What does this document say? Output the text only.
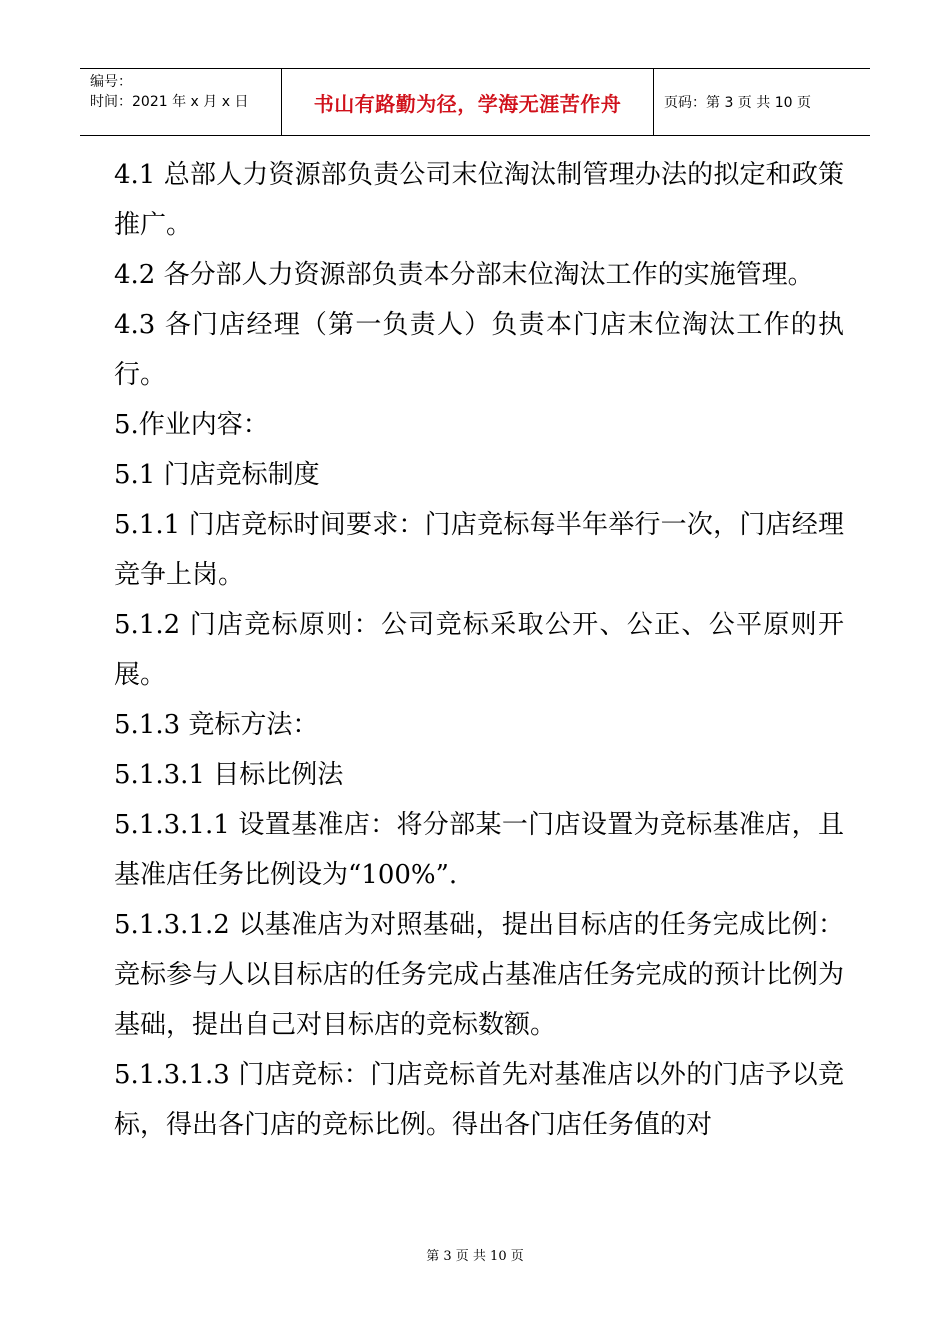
编号：
时间：2021 年 x 月 x 日	书山有路勤为径，学海无涯苦作舟	页码：第 3 页 共 10 页

4.1 总部人力资源部负责公司末位淘汰制管理办法的拟定和政策推广。

4.2 各分部人力资源部负责本分部末位淘汰工作的实施管理。

4.3 各门店经理（第一负责人）负责本门店末位淘汰工作的执行。

5.作业内容：

5.1 门店竞标制度

5.1.1 门店竞标时间要求：门店竞标每半年举行一次，门店经理竞争上岗。

5.1.2 门店竞标原则：公司竞标采取公开、公正、公平原则开展。

5.1.3 竞标方法：

5.1.3.1 目标比例法

5.1.3.1.1 设置基准店：将分部某一门店设置为竞标基准店，且基准店任务比例设为“100%”.

5.1.3.1.2 以基准店为对照基础，提出目标店的任务完成比例：竞标参与人以目标店的任务完成占基准店任务完成的预计比例为基础，提出自己对目标店的竞标数额。

5.1.3.1.3 门店竞标：门店竞标首先对基准店以外的门店予以竞标，得出各门店的竞标比例。得出各门店任务值的对

第 3 页 共 10 页
